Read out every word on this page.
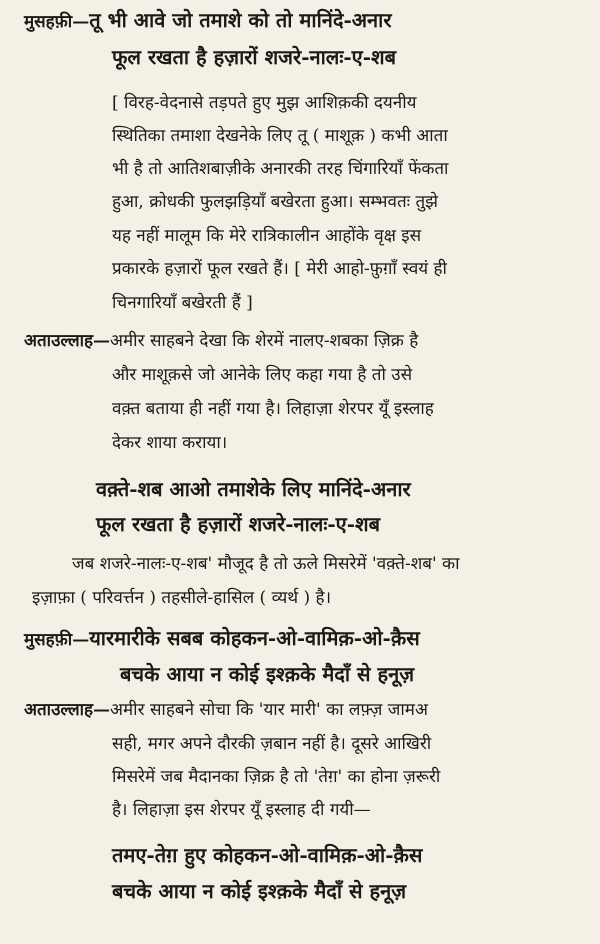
मुसहफ़ी—तू भी आवे जो तमाशे को तो मानिंदे-अनार
फूल रखता है हज़ारों शजरे-नालः-ए-शब
[ विरह-वेदनासे तड़पते हुए मुझ आशिक़की दयनीय
स्थितिका तमाशा देखनेके लिए तू ( माशूक़ ) कभी आता
भी है तो आतिशबाज़ीके अनारकी तरह चिंगारियाँ फेंकता
हुआ, क्रोधकी फुलझड़ियाँ बखेरता हुआ। सम्भवतः तुझे
यह नहीं मालूम कि मेरे रात्रिकालीन आहोंके वृक्ष इस
प्रकारके हज़ारों फूल रखते हैं। [ मेरी आहो-फ़ुग़ाँ स्वयं ही
चिनगारियाँ बखेरती हैं ]
अताउल्लाह—अमीर साहबने देखा कि शेरमें नालए-शबका ज़िक्र है
और माशूक़से जो आनेके लिए कहा गया है तो उसे
वक़्त बताया ही नहीं गया है। लिहाज़ा शेरपर यूँ इस्लाह
देकर शाया कराया।
वक़्ते-शब आओ तमाशेके लिए मानिंदे-अनार
फूल रखता है हज़ारों शजरे-नालः-ए-शब
जब शजरे-नालः-ए-शब' मौजूद है तो ऊले मिसरेमें 'वक़्ते-शब' का
इज़ाफ़ा ( परिवर्त्तन ) तहसीले-हासिल ( व्यर्थ ) है।
मुसहफ़ी—यारमारीके सबब कोहकन-ओ-वामिक़-ओ-क़ैस
बचके आया न कोई इश्क़के मैदाँ से हनूज़
अताउल्लाह—अमीर साहबने सोचा कि 'यार मारी' का लफ़्ज़ जामअ
सही, मगर अपने दौरकी ज़बान नहीं है। दूसरे आखिरी
मिसरेमें जब मैदानका ज़िक्र है तो 'तेग़' का होना ज़रूरी
है। लिहाज़ा इस शेरपर यूँ इस्लाह दी गयी—
तमए-तेग़ हुए कोहकन-ओ-वामिक़-ओ-क़ैस
बचके आया न कोई इश्क़के मैदाँ से हनूज़
